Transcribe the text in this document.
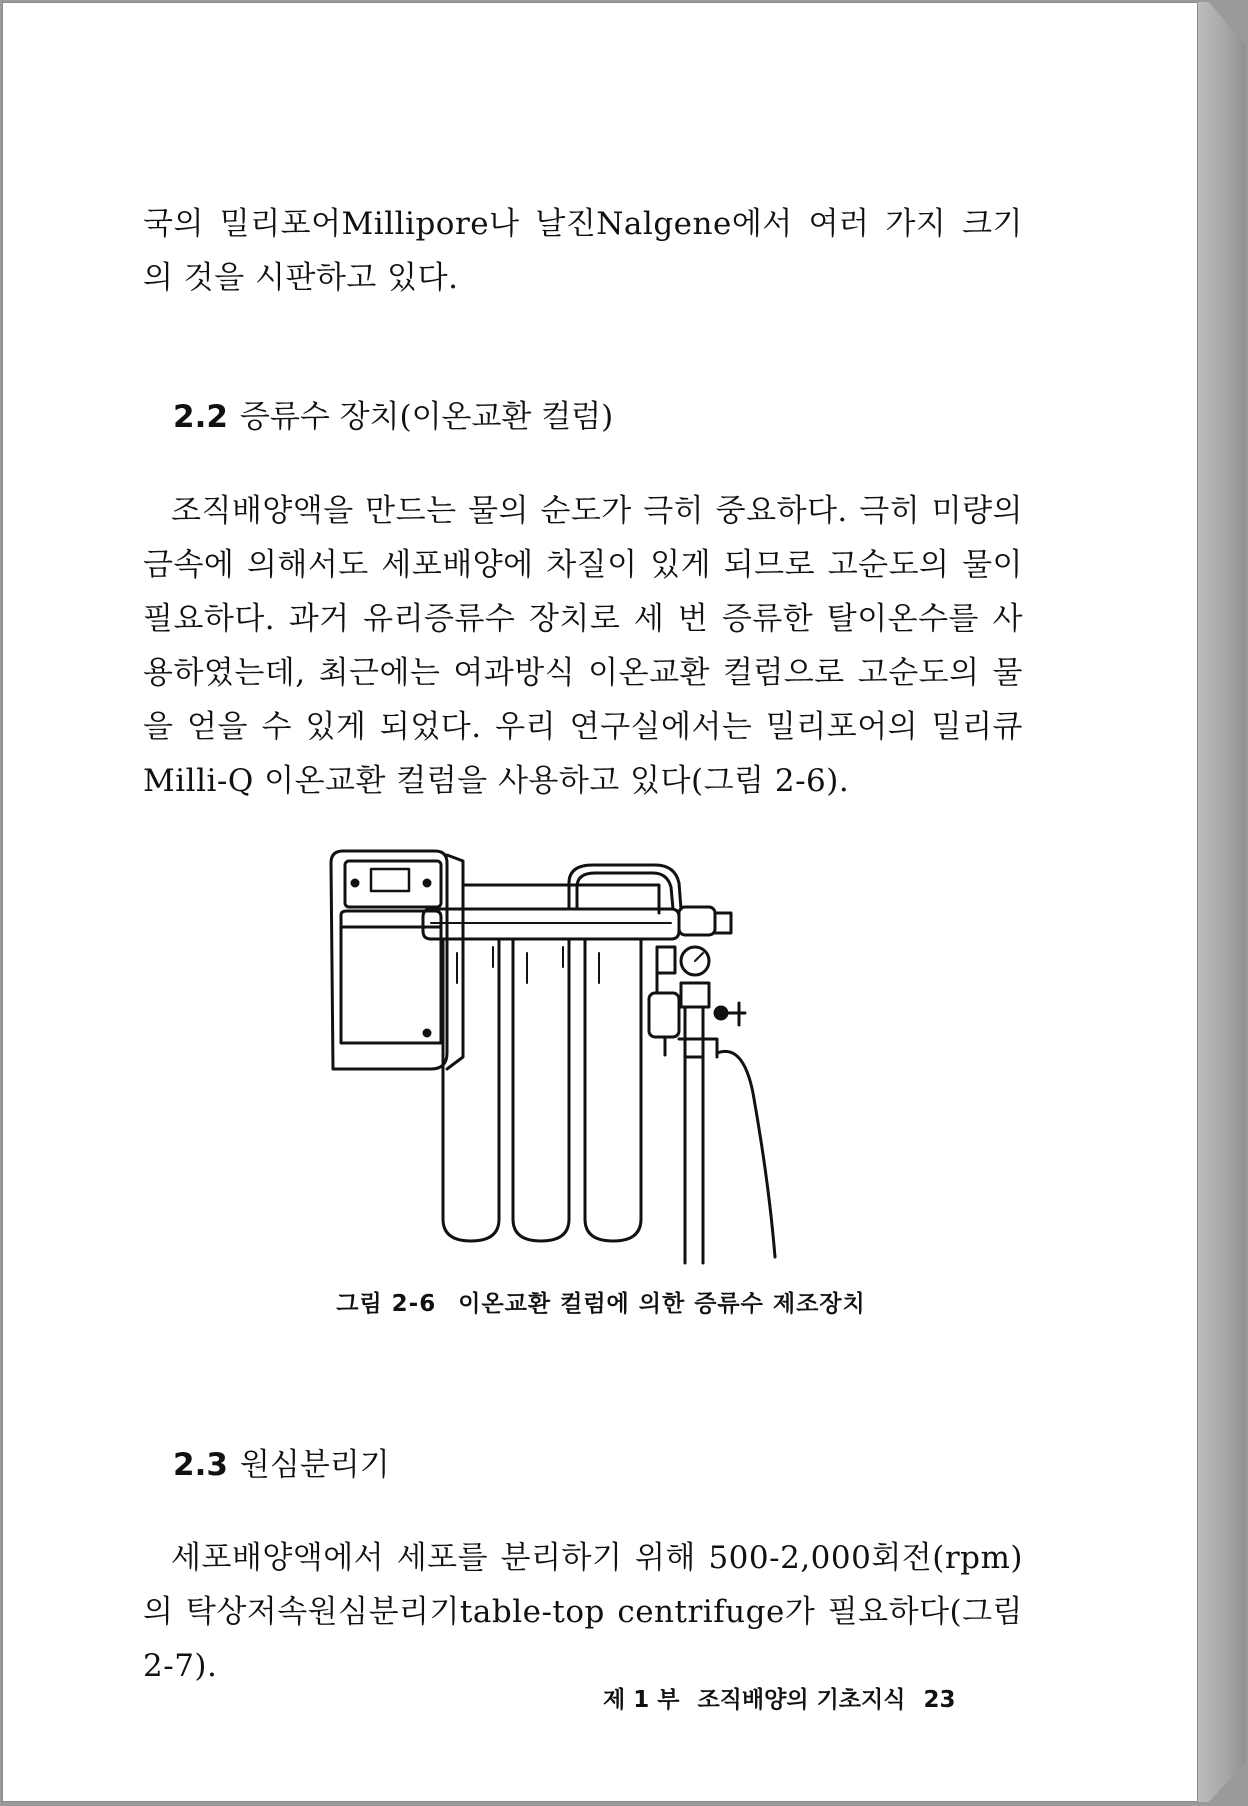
국의 밀리포어Millipore나 날진Nalgene에서 여러 가지 크기의 것을 시판하고 있다.

2.2 증류수 장치(이온교환 컬럼)

조직배양액을 만드는 물의 순도가 극히 중요하다. 극히 미량의 금속에 의해서도 세포배양에 차질이 있게 되므로 고순도의 물이 필요하다. 과거 유리증류수 장치로 세 번 증류한 탈이온수를 사용하였는데, 최근에는 여과방식 이온교환 컬럼으로 고순도의 물을 얻을 수 있게 되었다. 우리 연구실에서는 밀리포어의 밀리큐 Milli-Q 이온교환 컬럼을 사용하고 있다(그림 2-6).

그림 2-6 이온교환 컬럼에 의한 증류수 제조장치
2.3 원심분리기

세포배양액에서 세포를 분리하기 위해 500-2,000회전(rpm)의 탁상저속원심분리기table-top centrifuge가 필요하다(그림 2-7).

제 1 부 조직배양의 기초지식 23
